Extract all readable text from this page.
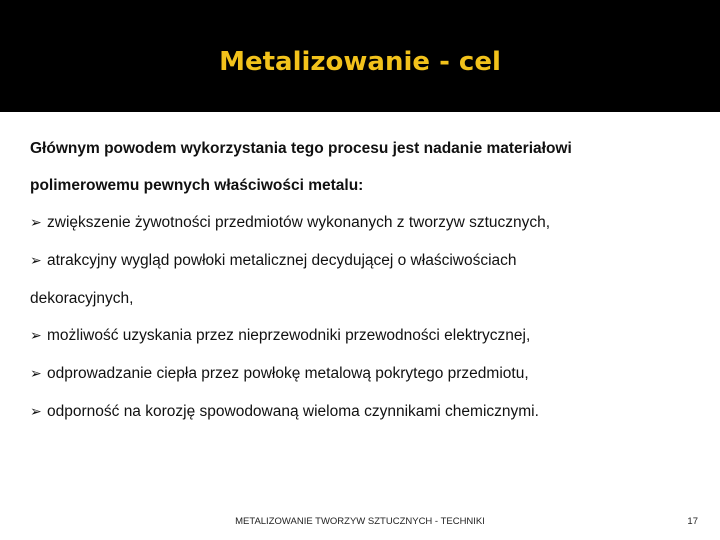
Metalizowanie - cel
Głównym powodem wykorzystania tego procesu jest nadanie materiałowi
polimerowemu pewnych właściwości metalu:
➢ zwiększenie żywotności przedmiotów wykonanych z tworzyw sztucznych,
➢ atrakcyjny wygląd powłoki metalicznej decydującej o właściwościach
dekoracyjnych,
➢ możliwość uzyskania przez nieprzewodniki przewodności elektrycznej,
➢ odprowadzanie ciepła przez powłokę metalową pokrytego przedmiotu,
➢ odporność na korozję spowodowaną wieloma czynnikami chemicznymi.
METALIZOWANIE TWORZYW SZTUCZNYCH - TECHNIKI	17
